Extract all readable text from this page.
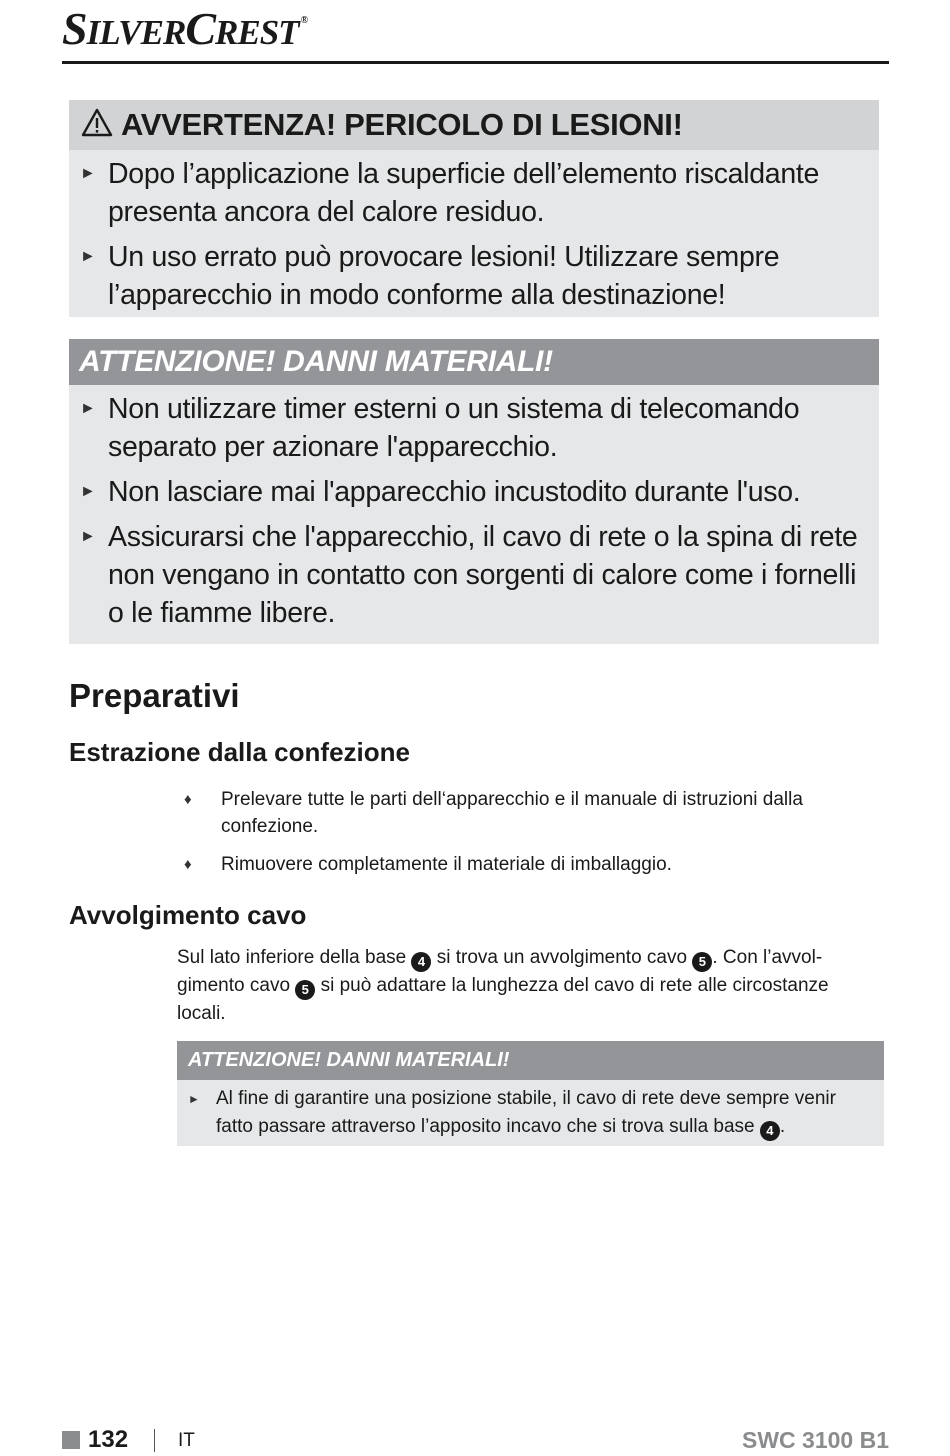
SILVERCREST ®
AVVERTENZA! PERICOLO DI LESIONI!
► Dopo l’applicazione la superficie dell’elemento riscaldante presenta ancora del calore residuo.
► Un uso errato può provocare lesioni! Utilizzare sempre l’apparecchio in modo conforme alla destinazione!
ATTENZIONE! DANNI MATERIALI!
► Non utilizzare timer esterni o un sistema di telecomando separato per azionare l'apparecchio.
► Non lasciare mai l'apparecchio incustodito durante l'uso.
► Assicurarsi che l'apparecchio, il cavo di rete o la spina di rete non vengano in contatto con sorgenti di calore come i fornelli o le fiamme libere.
Preparativi
Estrazione dalla confezione
♦ Prelevare tutte le parti dell‘apparecchio e il manuale di istruzioni dalla confezione.
♦ Rimuovere completamente il materiale di imballaggio.
Avvolgimento cavo
Sul lato inferiore della base 4 si trova un avvolgimento cavo 5 . Con l’avvol-gimento cavo 5 si può adattare la lunghezza del cavo di rete alle circostanze locali.
ATTENZIONE! DANNI MATERIALI!
► Al fine di garantire una posizione stabile, il cavo di rete deve sempre venir fatto passare attraverso l’apposito incavo che si trova sulla base 4 .
132	IT	SWC 3100 B1
